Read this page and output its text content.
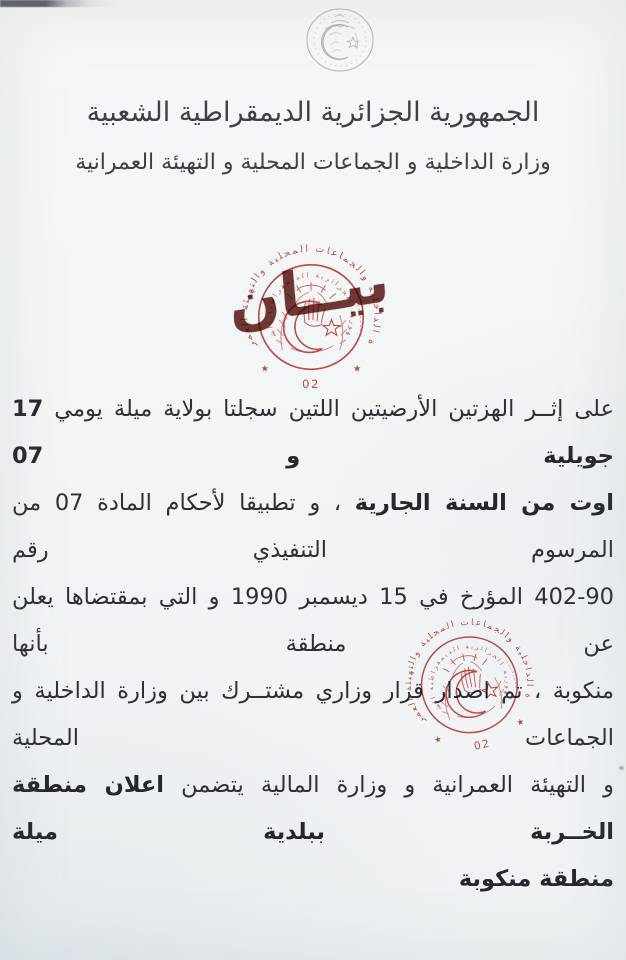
الجمهورية الجزائرية الديمقراطية الشعبية
وزارة الداخلية و الجماعات المحلية و التهيئة العمرانية
على إثــر الهزتين الأرضيتين اللتين سجلتا بولاية ميلة يومي 17 جويلية و 07
اوت من السنة الجارية ، و تطبيقا لأحكام المادة 07 من المرسوم التنفيذي رقم
402-90 المؤرخ في 15 ديسمبر 1990 و التي بمقتضاها يعلن عن منطقة بأنها
منكوبة ، تم اصدار قرار وزاري مشتــرك بين وزارة الداخلية و الجماعات المحلية
و التهيئة العمرانية و وزارة المالية يتضمن اعلان منطقة الخــربة ببلدية ميلة
منطقة منكوبة
بيــان
